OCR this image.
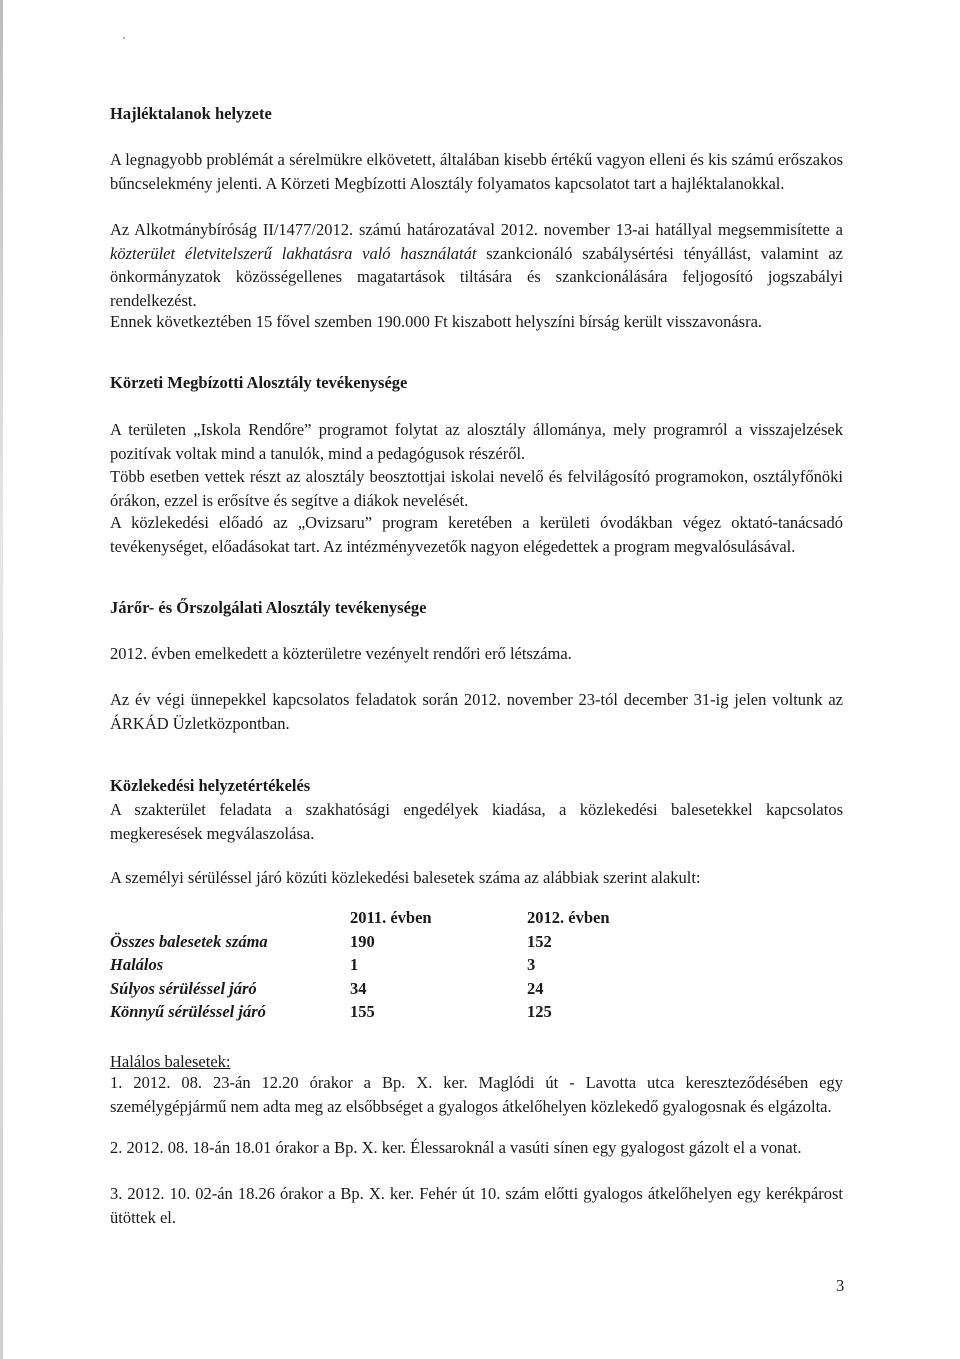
Hajléktalanok helyzete

A legnagyobb problémát a sérelmükre elkövetett, általában kisebb értékű vagyon elleni és kis számú erőszakos bűncselekmény jelenti. A Körzeti Megbízotti Alosztály folyamatos kapcsolatot tart a hajléktalanokkal.

Az Alkotmánybíróság II/1477/2012. számú határozatával 2012. november 13-ai hatállyal megsemmisítette a közterület életvitelszerű lakhatásra való használatát szankcionáló szabálysértési tényállást, valamint az önkormányzatok közösségellenes magatartások tiltására és szankcionálására feljogosító jogszabályi rendelkezést.

Ennek következtében 15 fővel szemben 190.000 Ft kiszabott helyszíni bírság került visszavonásra.

Körzeti Megbízotti Alosztály tevékenysége

A területen „Iskola Rendőre” programot folytat az alosztály állománya, mely programról a visszajelzések pozitívak voltak mind a tanulók, mind a pedagógusok részéről.

Több esetben vettek részt az alosztály beosztottjai iskolai nevelő és felvilágosító programokon, osztályfőnöki órákon, ezzel is erősítve és segítve a diákok nevelését.

A közlekedési előadó az „Ovizsaru” program keretében a kerületi óvodákban végez oktató-tanácsadó tevékenységet, előadásokat tart. Az intézményvezetők nagyon elégedettek a program megvalósulásával.

Járőr- és Őrszolgálati Alosztály tevékenysége

2012. évben emelkedett a közterületre vezényelt rendőri erő létszáma.

Az év végi ünnepekkel kapcsolatos feladatok során 2012. november 23-tól december 31-ig jelen voltunk az ÁRKÁD Üzletközpontban.

Közlekedési helyzetértékelés

A szakterület feladata a szakhatósági engedélyek kiadása, a közlekedési balesetekkel kapcsolatos megkeresések megválaszolása.

A személyi sérüléssel járó közúti közlekedési balesetek száma az alábbiak szerint alakult:

	2011. évben	2012. évben
Összes balesetek száma	190	152
Halálos	1	3
Súlyos sérüléssel járó	34	24
Könnyű sérüléssel járó	155	125

Halálos balesetek:

1. 2012. 08. 23-án 12.20 órakor a Bp. X. ker. Maglódi út - Lavotta utca kereszteződésében egy személygépjármű nem adta meg az elsőbbséget a gyalogos átkelőhelyen közlekedő gyalogosnak és elgázolta.

2. 2012. 08. 18-án 18.01 órakor a Bp. X. ker. Élessaroknál a vasúti sínen egy gyalogost gázolt el a vonat.

3. 2012. 10. 02-án 18.26 órakor a Bp. X. ker. Fehér út 10. szám előtti gyalogos átkelőhelyen egy kerékpárost ütöttek el.

3
